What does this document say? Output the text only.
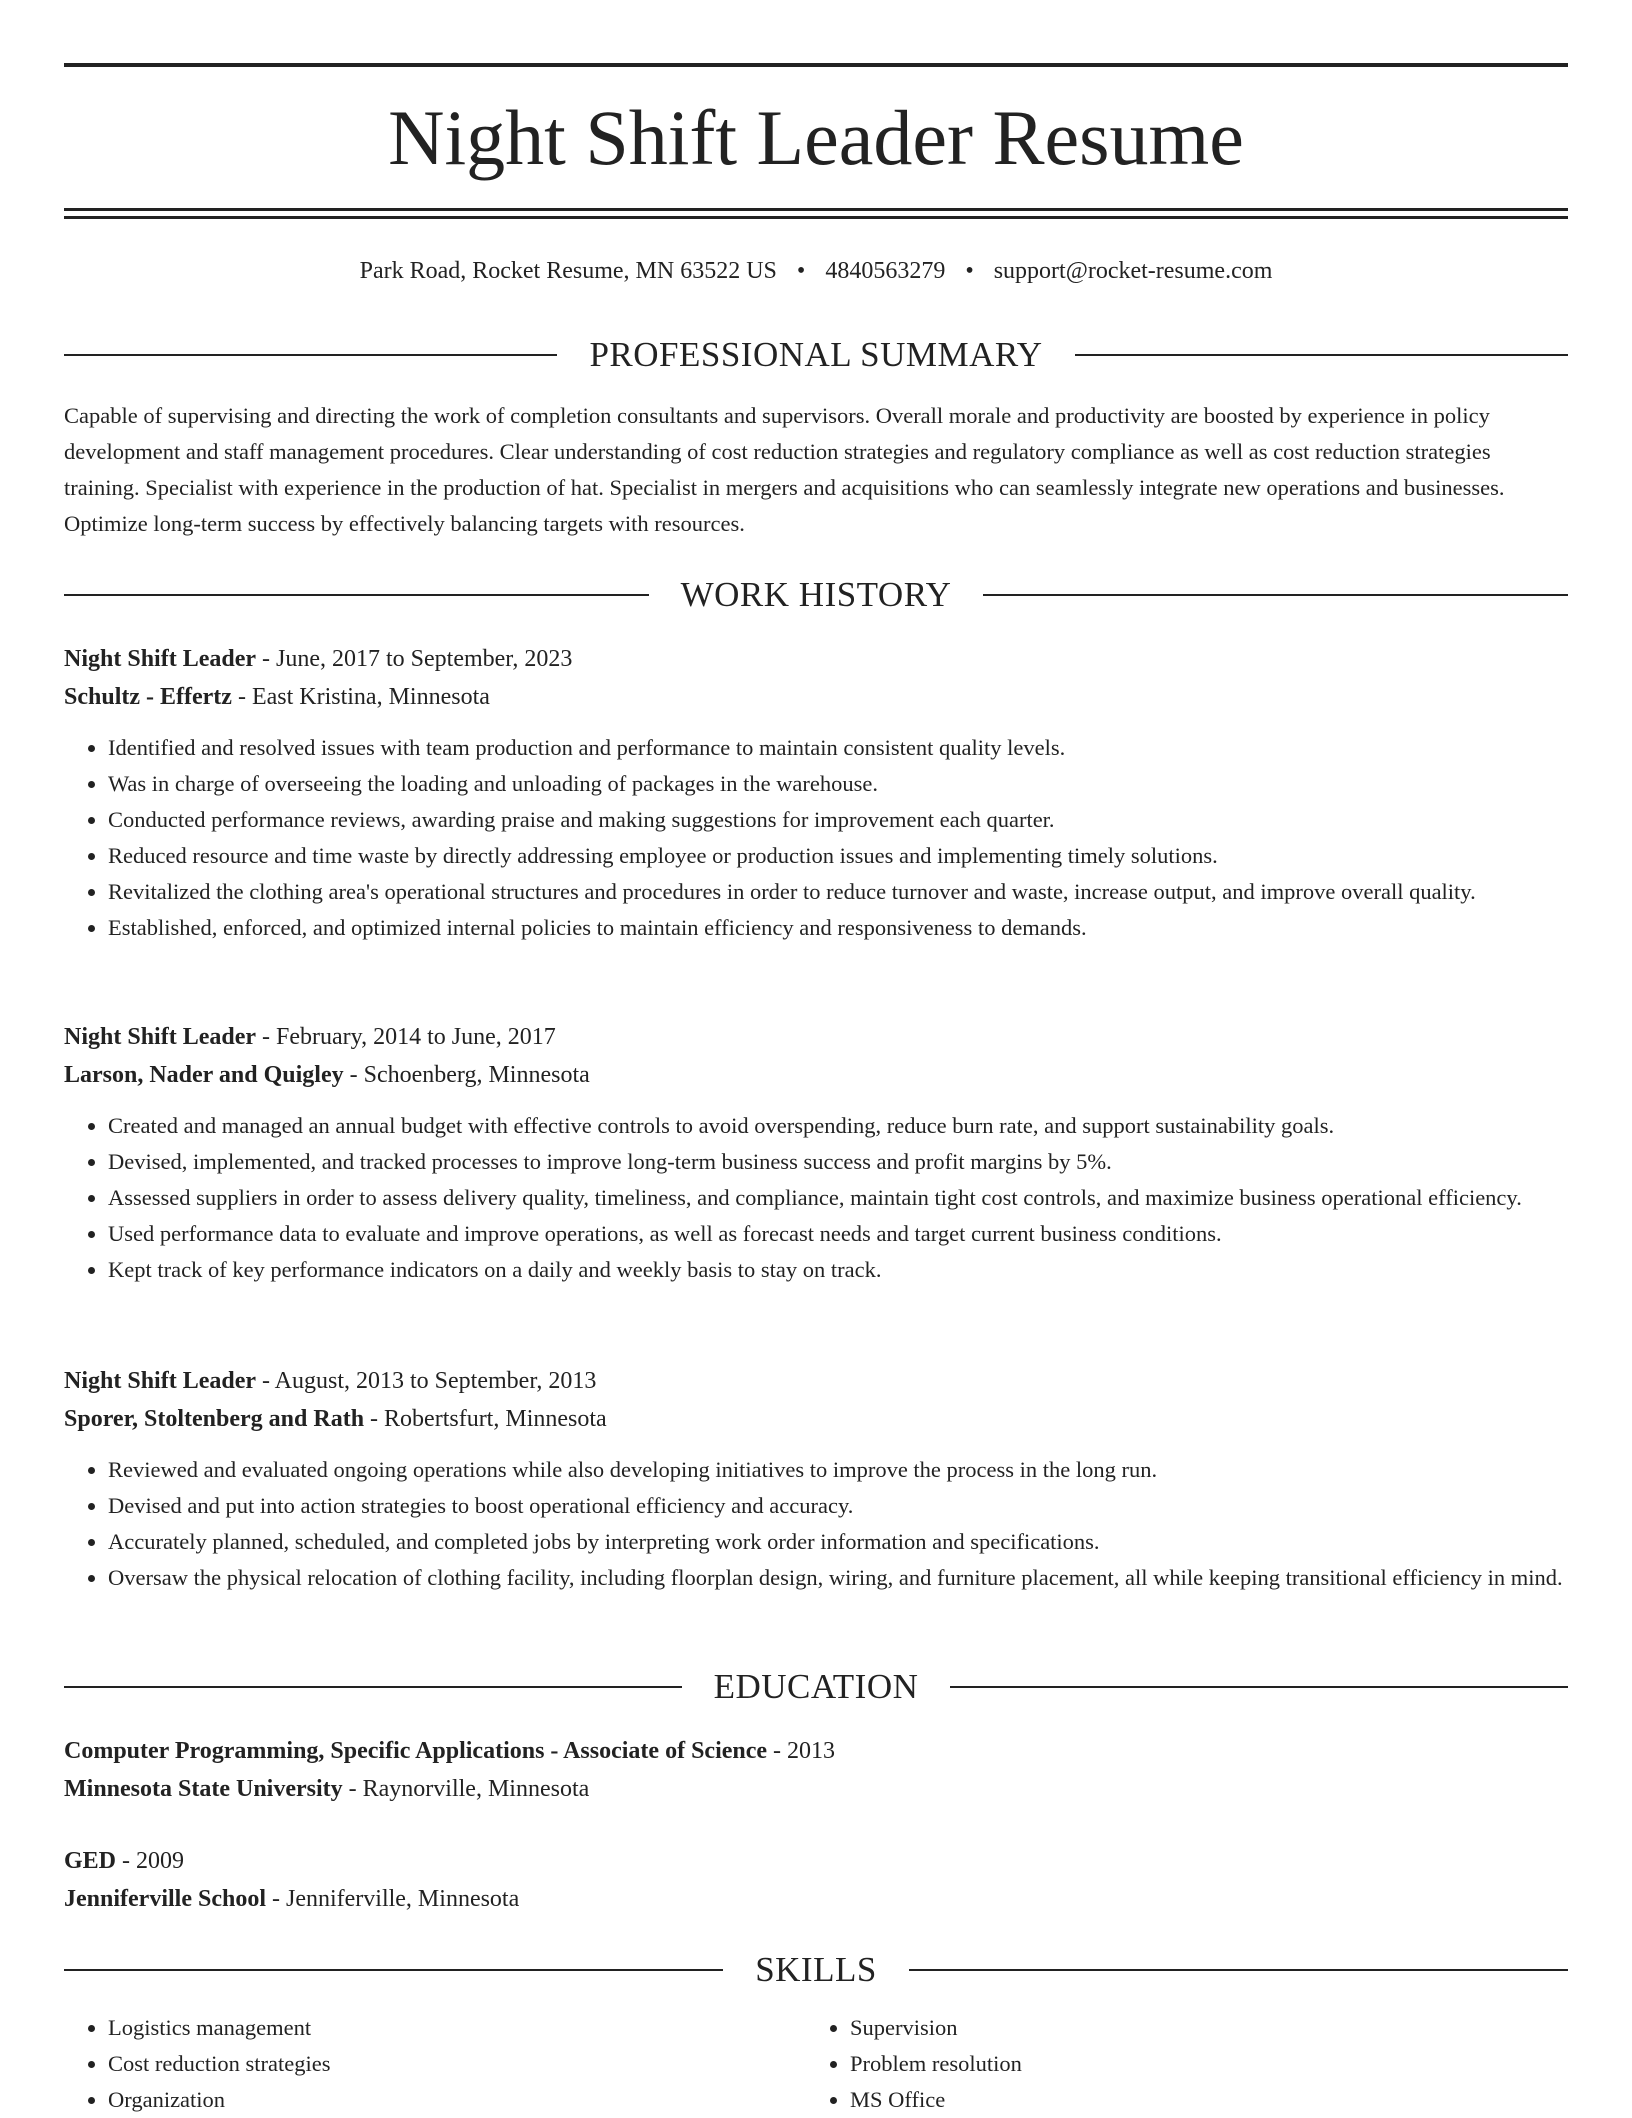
Night Shift Leader Resume
Park Road, Rocket Resume, MN 63522 US • 4840563279 • support@rocket-resume.com
PROFESSIONAL SUMMARY

Capable of supervising and directing the work of completion consultants and supervisors. Overall morale and productivity are boosted by experience in policy development and staff management procedures. Clear understanding of cost reduction strategies and regulatory compliance as well as cost reduction strategies training. Specialist with experience in the production of hat. Specialist in mergers and acquisitions who can seamlessly integrate new operations and businesses. Optimize long-term success by effectively balancing targets with resources.

WORK HISTORY
Night Shift Leader - June, 2017 to September, 2023
Schultz - Effertz - East Kristina, Minnesota
• Identified and resolved issues with team production and performance to maintain consistent quality levels.
• Was in charge of overseeing the loading and unloading of packages in the warehouse.
• Conducted performance reviews, awarding praise and making suggestions for improvement each quarter.
• Reduced resource and time waste by directly addressing employee or production issues and implementing timely solutions.
• Revitalized the clothing area's operational structures and procedures in order to reduce turnover and waste, increase output, and improve overall quality.
• Established, enforced, and optimized internal policies to maintain efficiency and responsiveness to demands.
Night Shift Leader - February, 2014 to June, 2017
Larson, Nader and Quigley - Schoenberg, Minnesota
• Created and managed an annual budget with effective controls to avoid overspending, reduce burn rate, and support sustainability goals.
• Devised, implemented, and tracked processes to improve long-term business success and profit margins by 5%.
• Assessed suppliers in order to assess delivery quality, timeliness, and compliance, maintain tight cost controls, and maximize business operational efficiency.
• Used performance data to evaluate and improve operations, as well as forecast needs and target current business conditions.
• Kept track of key performance indicators on a daily and weekly basis to stay on track.
Night Shift Leader - August, 2013 to September, 2013
Sporer, Stoltenberg and Rath - Robertsfurt, Minnesota
• Reviewed and evaluated ongoing operations while also developing initiatives to improve the process in the long run.
• Devised and put into action strategies to boost operational efficiency and accuracy.
• Accurately planned, scheduled, and completed jobs by interpreting work order information and specifications.
• Oversaw the physical relocation of clothing facility, including floorplan design, wiring, and furniture placement, all while keeping transitional efficiency in mind.
EDUCATION
Computer Programming, Specific Applications - Associate of Science - 2013
Minnesota State University - Raynorville, Minnesota
GED - 2009
Jenniferville School - Jenniferville, Minnesota
SKILLS
• Logistics management
• Cost reduction strategies
• Organization
• Supervision
• Problem resolution
• MS Office
